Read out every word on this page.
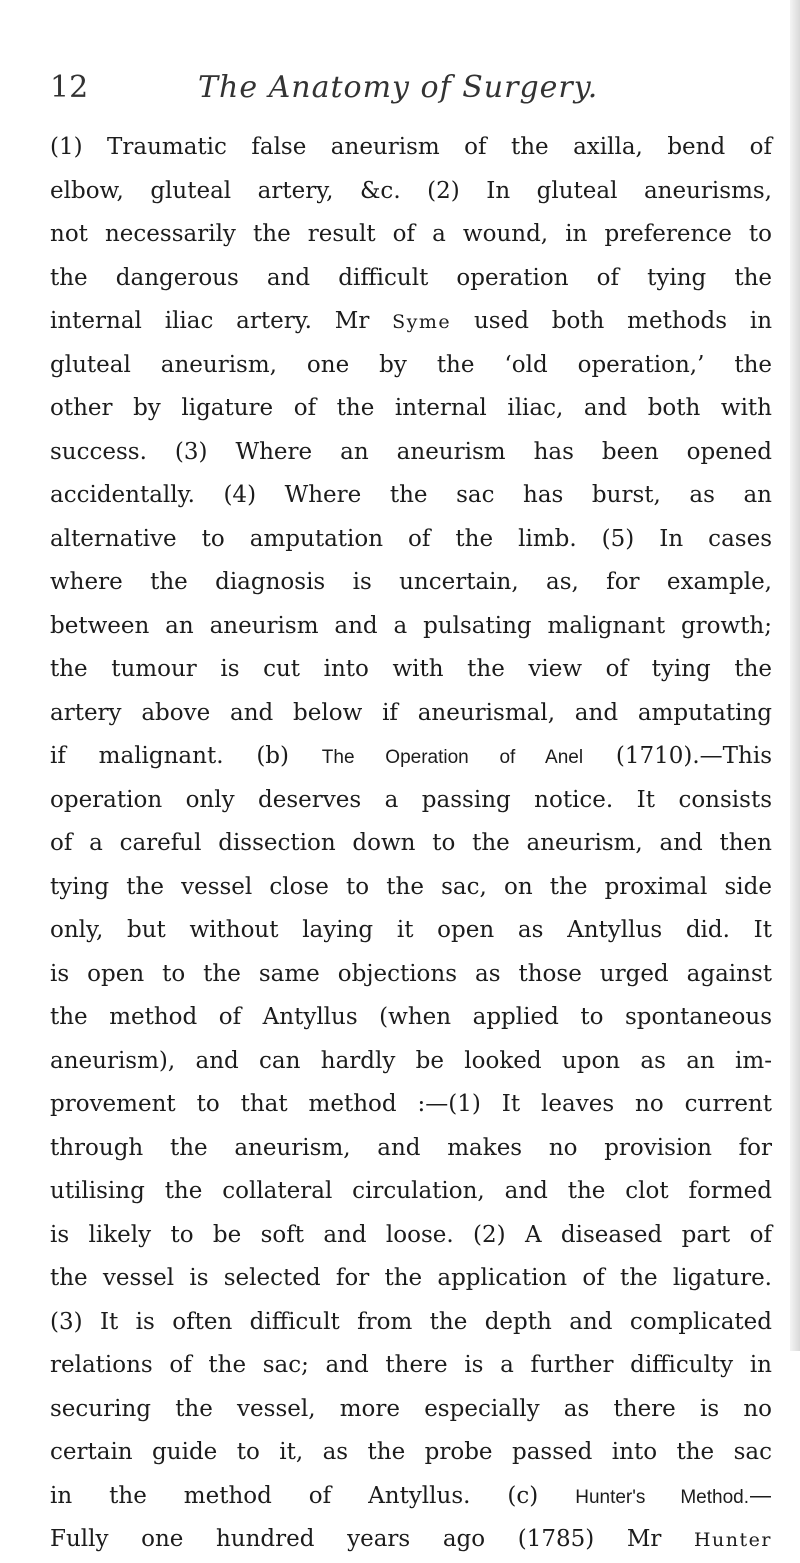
12	The Anatomy of Surgery.
(1) Traumatic false aneurism of the axilla, bend of
elbow, gluteal artery, &c. (2) In gluteal aneurisms,
not necessarily the result of a wound, in preference to
the dangerous and difficult operation of tying the
internal iliac artery. Mr Syme used both methods in
gluteal aneurism, one by the ‘old operation,’ the
other by ligature of the internal iliac, and both with
success. (3) Where an aneurism has been opened
accidentally. (4) Where the sac has burst, as an
alternative to amputation of the limb. (5) In cases
where the diagnosis is uncertain, as, for example,
between an aneurism and a pulsating malignant growth;
the tumour is cut into with the view of tying the
artery above and below if aneurismal, and amputating
if malignant. (b) The Operation of Anel (1710).—This
operation only deserves a passing notice. It consists
of a careful dissection down to the aneurism, and then
tying the vessel close to the sac, on the proximal side
only, but without laying it open as Antyllus did. It
is open to the same objections as those urged against
the method of Antyllus (when applied to spontaneous
aneurism), and can hardly be looked upon as an im-
provement to that method :—(1) It leaves no current
through the aneurism, and makes no provision for
utilising the collateral circulation, and the clot formed
is likely to be soft and loose. (2) A diseased part of
the vessel is selected for the application of the ligature.
(3) It is often difficult from the depth and complicated
relations of the sac; and there is a further difficulty in
securing the vessel, more especially as there is no
certain guide to it, as the probe passed into the sac
in the method of Antyllus. (c) Hunter's Method.—
Fully one hundred years ago (1785) Mr Hunter
